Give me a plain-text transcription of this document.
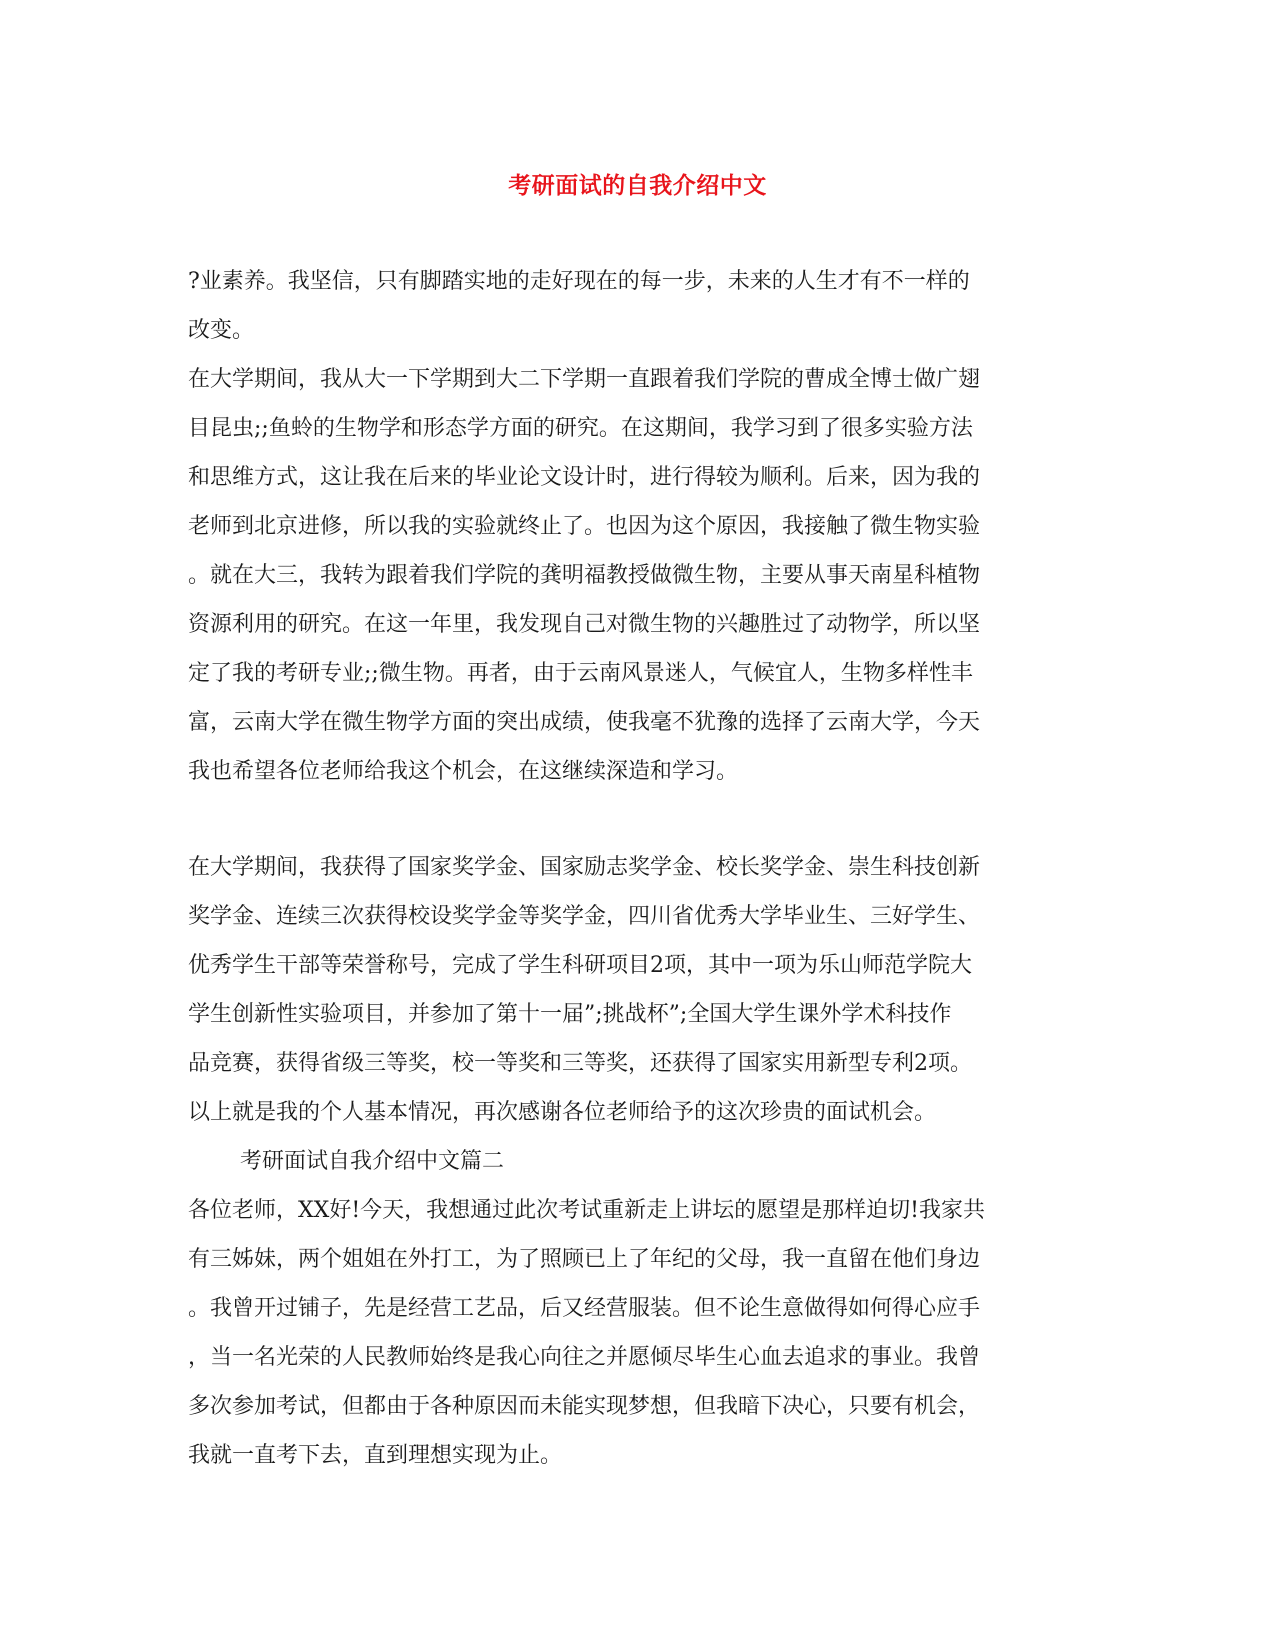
考研面试的自我介绍中文
?业素养。我坚信，只有脚踏实地的走好现在的每一步，未来的人生才有不一样的
改变。
在大学期间，我从大一下学期到大二下学期一直跟着我们学院的曹成全博士做广翅
目昆虫;;鱼蛉的生物学和形态学方面的研究。在这期间，我学习到了很多实验方法
和思维方式，这让我在后来的毕业论文设计时，进行得较为顺利。后来，因为我的
老师到北京进修，所以我的实验就终止了。也因为这个原因，我接触了微生物实验
。就在大三，我转为跟着我们学院的龚明福教授做微生物，主要从事天南星科植物
资源利用的研究。在这一年里，我发现自己对微生物的兴趣胜过了动物学，所以坚
定了我的考研专业;;微生物。再者，由于云南风景迷人，气候宜人，生物多样性丰
富，云南大学在微生物学方面的突出成绩，使我毫不犹豫的选择了云南大学，今天
我也希望各位老师给我这个机会，在这继续深造和学习。
在大学期间，我获得了国家奖学金、国家励志奖学金、校长奖学金、崇生科技创新
奖学金、连续三次获得校设奖学金等奖学金，四川省优秀大学毕业生、三好学生、
优秀学生干部等荣誉称号，完成了学生科研项目2项，其中一项为乐山师范学院大
学生创新性实验项目，并参加了第十一届”;挑战杯”;全国大学生课外学术科技作
品竞赛，获得省级三等奖，校一等奖和三等奖，还获得了国家实用新型专利2项。
以上就是我的个人基本情况，再次感谢各位老师给予的这次珍贵的面试机会。
考研面试自我介绍中文篇二
各位老师，XX好!今天，我想通过此次考试重新走上讲坛的愿望是那样迫切!我家共
有三姊妹，两个姐姐在外打工，为了照顾已上了年纪的父母，我一直留在他们身边
。我曾开过铺子，先是经营工艺品，后又经营服装。但不论生意做得如何得心应手
，当一名光荣的人民教师始终是我心向往之并愿倾尽毕生心血去追求的事业。我曾
多次参加考试，但都由于各种原因而未能实现梦想，但我暗下决心，只要有机会，
我就一直考下去，直到理想实现为止。
